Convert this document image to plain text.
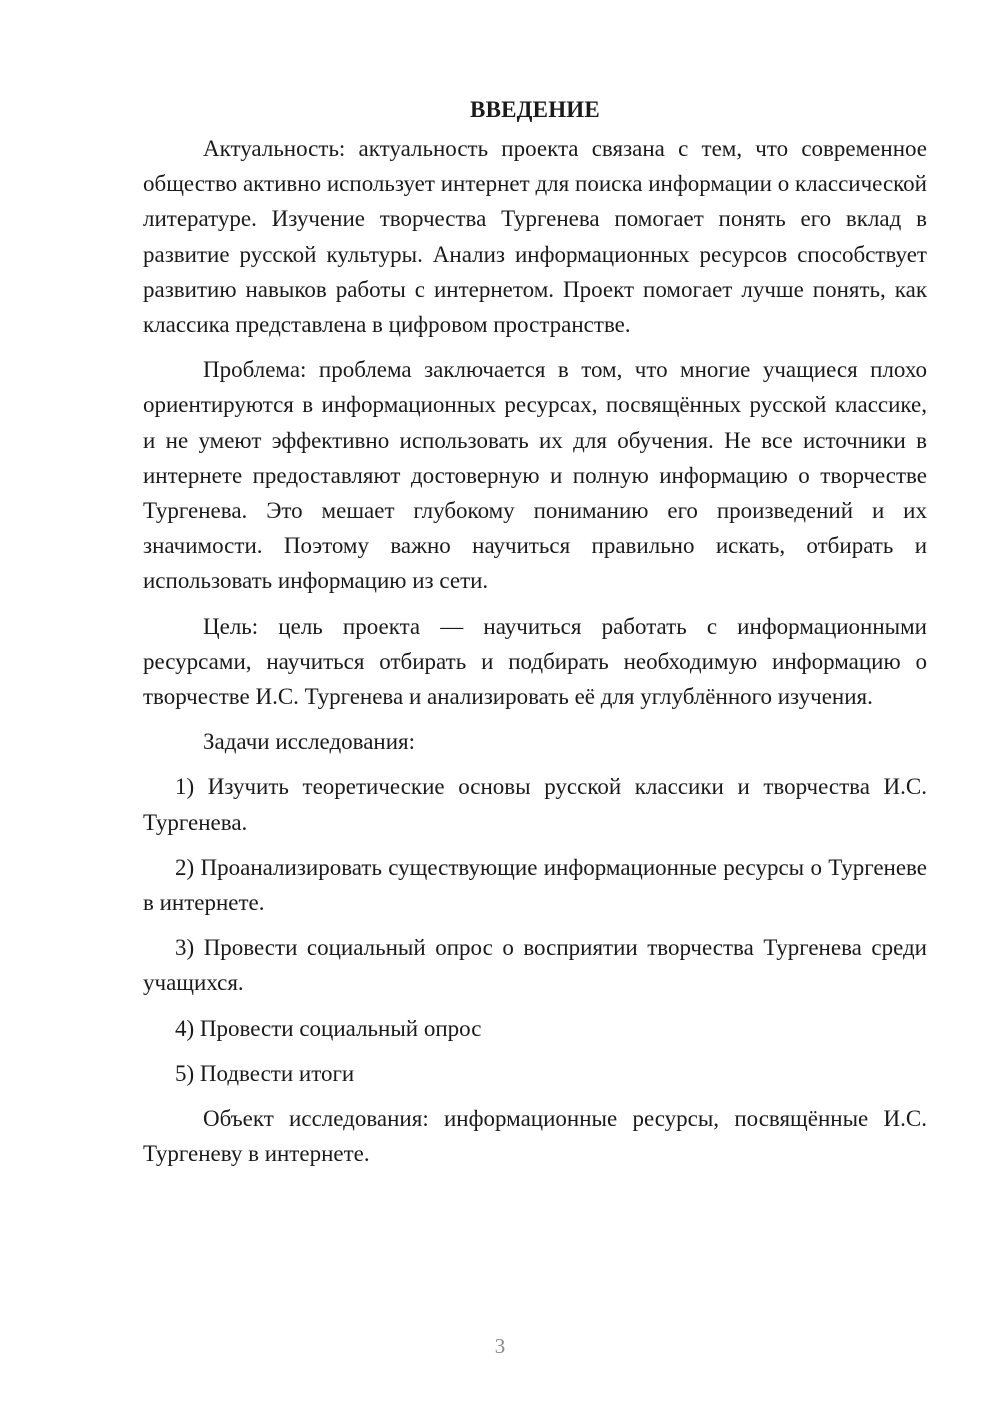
ВВЕДЕНИЕ

Актуальность: актуальность проекта связана с тем, что современное общество активно использует интернет для поиска информации о классической литературе. Изучение творчества Тургенева помогает понять его вклад в развитие русской культуры. Анализ информационных ресурсов способствует развитию навыков работы с интернетом. Проект помогает лучше понять, как классика представлена в цифровом пространстве.

Проблема: проблема заключается в том, что многие учащиеся плохо ориентируются в информационных ресурсах, посвящённых русской классике, и не умеют эффективно использовать их для обучения. Не все источники в интернете предоставляют достоверную и полную информацию о творчестве Тургенева. Это мешает глубокому пониманию его произведений и их значимости. Поэтому важно научиться правильно искать, отбирать и использовать информацию из сети.

Цель: цель проекта — научиться работать с информационными ресурсами, научиться отбирать и подбирать необходимую информацию о творчестве И.С. Тургенева и анализировать её для углублённого изучения.

Задачи исследования:

1) Изучить теоретические основы русской классики и творчества И.С. Тургенева.

2) Проанализировать существующие информационные ресурсы о Тургеневе в интернете.

3) Провести социальный опрос о восприятии творчества Тургенева среди учащихся.

4) Провести социальный опрос

5) Подвести итоги

Объект исследования: информационные ресурсы, посвящённые И.С. Тургеневу в интернете.

3
